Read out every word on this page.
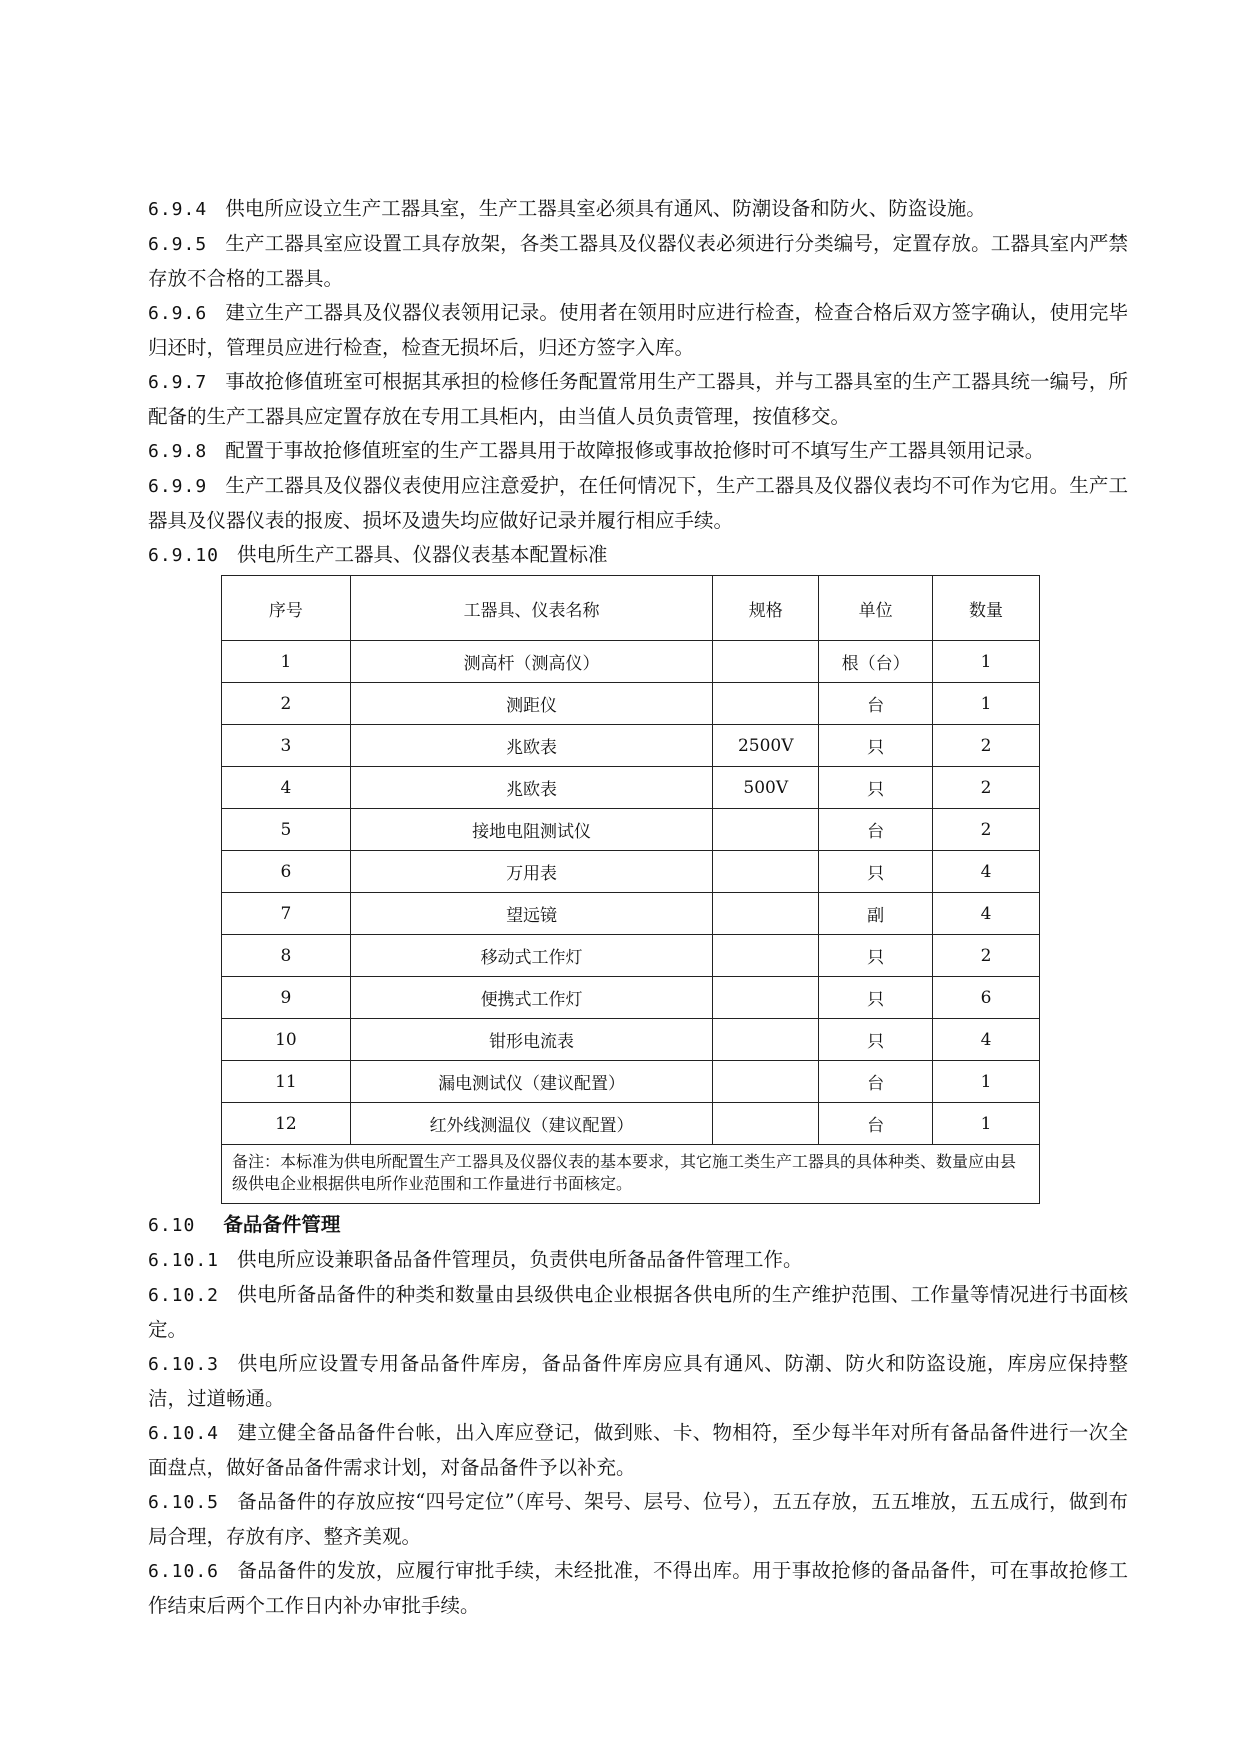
6.9.4 供电所应设立生产工器具室，生产工器具室必须具有通风、防潮设备和防火、防盗设施。

6.9.5 生产工器具室应设置工具存放架，各类工器具及仪器仪表必须进行分类编号，定置存放。工器具室内严禁存放不合格的工器具。

6.9.6 建立生产工器具及仪器仪表领用记录。使用者在领用时应进行检查，检查合格后双方签字确认，使用完毕归还时，管理员应进行检查，检查无损坏后，归还方签字入库。

6.9.7 事故抢修值班室可根据其承担的检修任务配置常用生产工器具，并与工器具室的生产工器具统一编号，所配备的生产工器具应定置存放在专用工具柜内，由当值人员负责管理，按值移交。

6.9.8 配置于事故抢修值班室的生产工器具用于故障报修或事故抢修时可不填写生产工器具领用记录。

6.9.9 生产工器具及仪器仪表使用应注意爱护，在任何情况下，生产工器具及仪器仪表均不可作为它用。生产工器具及仪器仪表的报废、损坏及遗失均应做好记录并履行相应手续。

6.9.10 供电所生产工器具、仪器仪表基本配置标准

序号	工器具、仪表名称	规格	单位	数量
1	测高杆（测高仪）		根（台）	1
2	测距仪		台	1
3	兆欧表	2500V	只	2
4	兆欧表	500V	只	2
5	接地电阻测试仪		台	2
6	万用表		只	4
7	望远镜		副	4
8	移动式工作灯		只	2
9	便携式工作灯		只	6
10	钳形电流表		只	4
11	漏电测试仪（建议配置）		台	1
12	红外线测温仪（建议配置）		台	1
备注：本标准为供电所配置生产工器具及仪器仪表的基本要求，其它施工类生产工器具的具体种类、数量应由县级供电企业根据供电所作业范围和工作量进行书面核定。				

6.10 备品备件管理

6.10.1 供电所应设兼职备品备件管理员，负责供电所备品备件管理工作。

6.10.2 供电所备品备件的种类和数量由县级供电企业根据各供电所的生产维护范围、工作量等情况进行书面核定。

6.10.3 供电所应设置专用备品备件库房，备品备件库房应具有通风、防潮、防火和防盗设施，库房应保持整洁，过道畅通。

6.10.4 建立健全备品备件台帐，出入库应登记，做到账、卡、物相符，至少每半年对所有备品备件进行一次全面盘点，做好备品备件需求计划，对备品备件予以补充。

6.10.5 备品备件的存放应按“四号定位”（库号、架号、层号、位号），五五存放，五五堆放，五五成行，做到布局合理，存放有序、整齐美观。

6.10.6 备品备件的发放，应履行审批手续，未经批准，不得出库。用于事故抢修的备品备件，可在事故抢修工作结束后两个工作日内补办审批手续。
